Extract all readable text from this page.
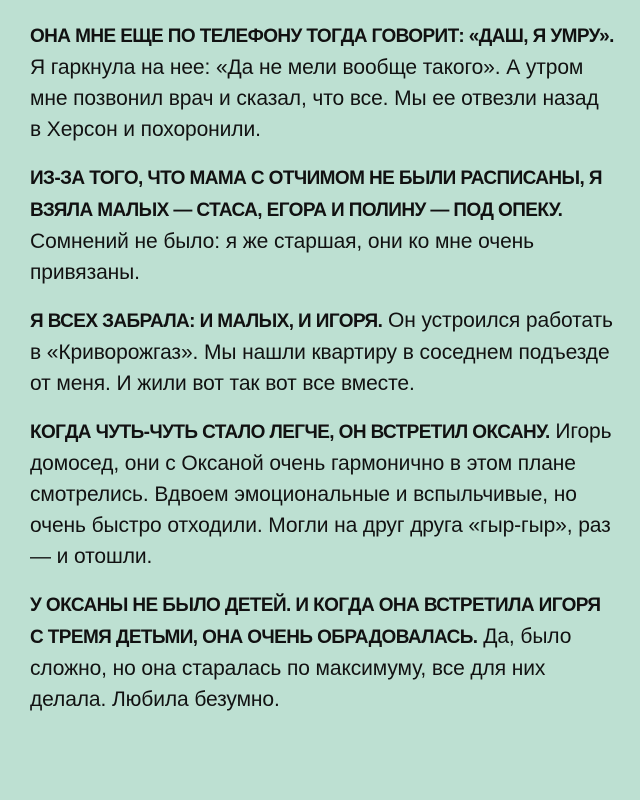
ОНА МНЕ ЕЩЕ ПО ТЕЛЕФОНУ ТОГДА ГОВОРИТ: «ДАШ, Я УМРУ». Я гаркнула на нее: «Да не мели вообще такого». А утром мне позвонил врач и сказал, что все. Мы ее отвезли назад в Херсон и похоронили.

ИЗ-ЗА ТОГО, ЧТО МАМА С ОТЧИМОМ НЕ БЫЛИ РАСПИСАНЫ, Я ВЗЯЛА МАЛЫХ — СТАСА, ЕГОРА И ПОЛИНУ — ПОД ОПЕКУ. Сомнений не было: я же старшая, они ко мне очень привязаны.

Я ВСЕХ ЗАБРАЛА: И МАЛЫХ, И ИГОРЯ. Он устроился работать в «Криворожгаз». Мы нашли квартиру в соседнем подъезде от меня. И жили вот так вот все вместе.

КОГДА ЧУТЬ-ЧУТЬ СТАЛО ЛЕГЧЕ, ОН ВСТРЕТИЛ ОКСАНУ. Игорь домосед, они с Оксаной очень гармонично в этом плане смотрелись. Вдвоем эмоциональные и вспыльчивые, но очень быстро отходили. Могли на друг друга «гыр-гыр», раз — и отошли.

У ОКСАНЫ НЕ БЫЛО ДЕТЕЙ. И КОГДА ОНА ВСТРЕТИЛА ИГОРЯ С ТРЕМЯ ДЕТЬМИ, ОНА ОЧЕНЬ ОБРАДОВАЛАСЬ. Да, было сложно, но она старалась по максимуму, все для них делала. Любила безумно.
